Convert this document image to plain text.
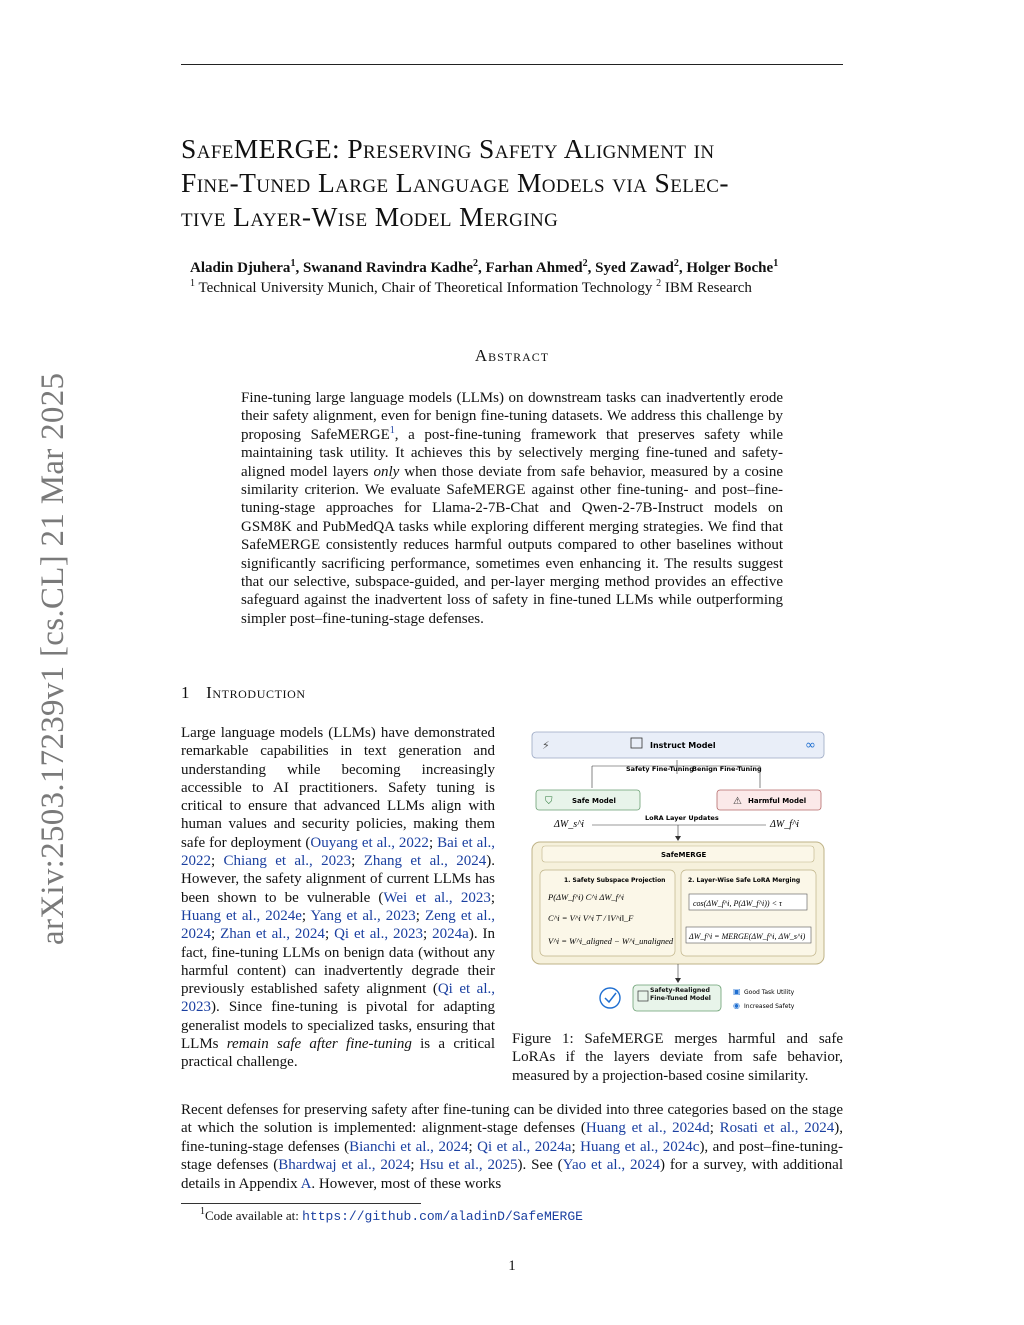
arXiv:2503.17239v1 [cs.CL] 21 Mar 2025
SafeMERGE: Preserving Safety Alignment in
Fine-Tuned Large Language Models via Selec-
tive Layer-Wise Model Merging
Aladin Djuhera$^1$, Swanand Ravindra Kadhe$^2$, Farhan Ahmed$^2$, Syed Zawad$^2$, Holger Boche$^1$
$^1$ Technical University Munich, Chair of Theoretical Information Technology $^2$ IBM Research
Abstract
Fine-tuning large language models (LLMs) on downstream tasks can inadvertently erode their safety alignment, even for benign fine-tuning datasets. We address this challenge by proposing SafeMERGE$^1$, a post-fine-tuning framework that preserves safety while maintaining task utility. It achieves this by selectively merging fine-tuned and safety-aligned model layers only when those deviate from safe behavior, measured by a cosine similarity criterion. We evaluate SafeMERGE against other fine-tuning- and post–fine-tuning-stage approaches for Llama-2-7B-Chat and Qwen-2-7B-Instruct models on GSM8K and PubMedQA tasks while exploring different merging strategies. We find that SafeMERGE consistently reduces harmful outputs compared to other baselines without significantly sacrificing performance, sometimes even enhancing it. The results suggest that our selective, subspace-guided, and per-layer merging method provides an effective safeguard against the inadvertent loss of safety in fine-tuned LLMs while outperforming simpler post–fine-tuning-stage defenses.
1 Introduction
Large language models (LLMs) have demonstrated remarkable capabilities in text generation and understanding while becoming increasingly accessible to AI practitioners. Safety tuning is critical to ensure that advanced LLMs align with human values and security policies, making them safe for deployment (Ouyang et al., 2022; Bai et al., 2022; Chiang et al., 2023; Zhang et al., 2024). However, the safety alignment of current LLMs has been shown to be vulnerable (Wei et al., 2023; Huang et al., 2024e; Yang et al., 2023; Zeng et al., 2024; Zhan et al., 2024; Qi et al., 2023; 2024a). In fact, fine-tuning LLMs on benign data (without any harmful content) can inadvertently degrade their previously established safety alignment (Qi et al., 2023). Since fine-tuning is pivotal for adapting generalist models to specialized tasks, ensuring that LLMs remain safe after fine-tuning is a critical practical challenge.
⚡	∞
Instruct Model
Safety Fine-Tuning
Benign Fine-Tuning
⛉	Safe Model	⚠ Harmful Model
ΔW_s^i	ΔW_f^i
LoRA Layer Updates
SafeMERGE
1. Safety Subspace Projection
P(ΔW_f^i) C^i ΔW_f^i
C^i = V^i V^i⊤ / ‖V^i‖_F
V^i = W^i_aligned − W^i_unaligned
2. Layer-Wise Safe LoRA Merging
cos(ΔW_f^i, P(ΔW_f^i)) < τ
ΔW_f^i = MERGE(ΔW_f^i, ΔW_s^i)
Safety-Realigned Fine-Tuned Model
▣ Good Task Utility
◉ Increased Safety
Figure 1: SafeMERGE merges harmful and safe LoRAs if the layers deviate from safe behavior, measured by a projection-based cosine similarity.
Recent defenses for preserving safety after fine-tuning can be divided into three categories based on the stage at which the solution is implemented: alignment-stage defenses (Huang et al., 2024d; Rosati et al., 2024), fine-tuning-stage defenses (Bianchi et al., 2024; Qi et al., 2024a; Huang et al., 2024c), and post–fine-tuning-stage defenses (Bhardwaj et al., 2024; Hsu et al., 2025). See (Yao et al., 2024) for a survey, with additional details in Appendix A. However, most of these works
$^1$Code available at: https://github.com/aladinD/SafeMERGE
1
